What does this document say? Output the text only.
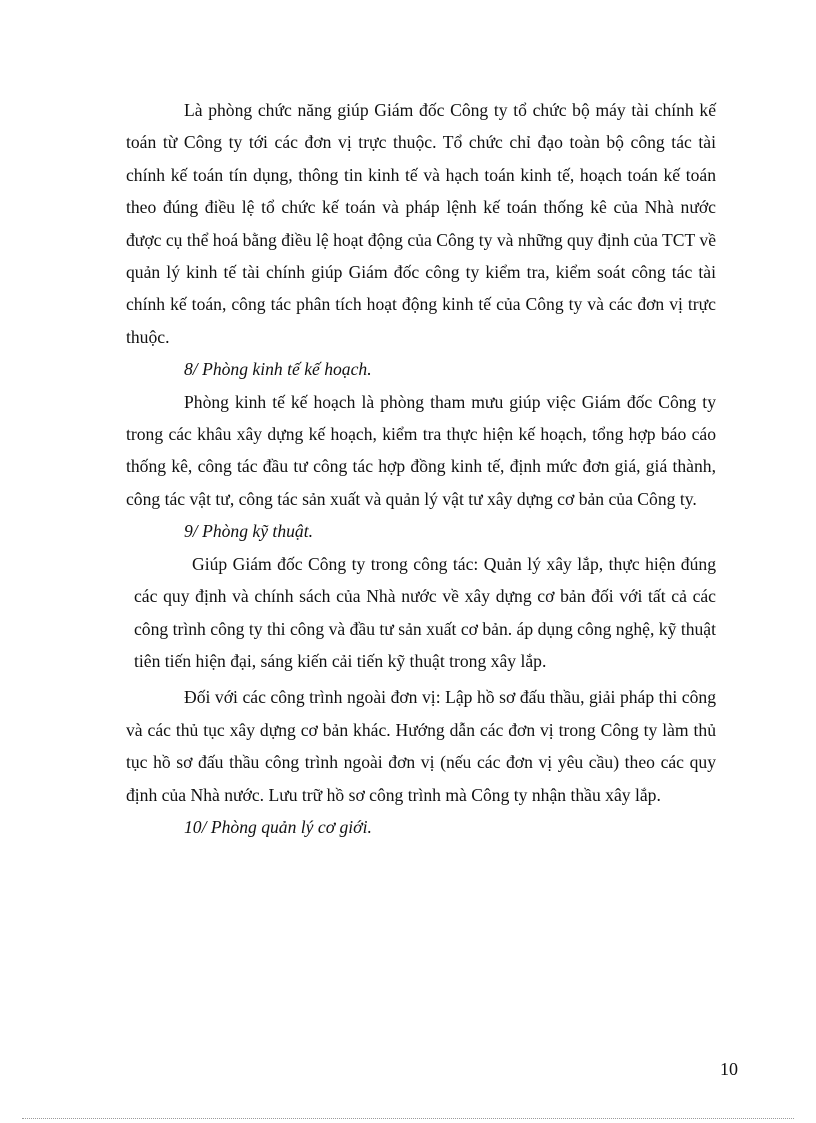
Là phòng chức năng giúp Giám đốc Công ty tổ chức bộ máy tài chính kế toán từ Công ty tới các đơn vị trực thuộc. Tổ chức chỉ đạo toàn bộ công tác tài chính kế toán tín dụng, thông tin kinh tế và hạch toán kinh tế, hoạch toán kế toán theo đúng điều lệ tổ chức kế toán và pháp lệnh kế toán thống kê của Nhà nước được cụ thể hoá bằng điều lệ hoạt động của Công ty và những quy định của TCT về quản lý kinh tế tài chính giúp Giám đốc công ty kiểm tra, kiểm soát công tác tài chính kế toán, công tác phân tích hoạt động kinh tế của Công ty và các đơn vị trực thuộc.

8/ Phòng kinh tế kế hoạch.

Phòng kinh tế kế hoạch là phòng tham mưu giúp việc Giám đốc Công ty trong các khâu xây dựng kế hoạch, kiểm tra thực hiện kế hoạch, tổng hợp báo cáo thống kê, công tác đầu tư công tác hợp đồng kinh tế, định mức đơn giá, giá thành, công tác vật tư, công tác sản xuất và quản lý vật tư xây dựng cơ bản của Công ty.

9/ Phòng kỹ thuật.

Giúp Giám đốc Công ty trong công tác: Quản lý xây lắp, thực hiện đúng các quy định và chính sách của Nhà nước về xây dựng cơ bản đối với tất cả các công trình công ty thi công và đầu tư sản xuất cơ bản. áp dụng công nghệ, kỹ thuật tiên tiến hiện đại, sáng kiến cải tiến kỹ thuật trong xây lắp.

Đối với các công trình ngoài đơn vị: Lập hồ sơ đấu thầu, giải pháp thi công và các thủ tục xây dựng cơ bản khác. Hướng dẫn các đơn vị trong Công ty làm thủ tục hồ sơ đấu thầu công trình ngoài đơn vị (nếu các đơn vị yêu cầu) theo các quy định của Nhà nước. Lưu trữ hồ sơ công trình mà Công ty nhận thầu xây lắp.

10/ Phòng quản lý cơ giới.

10
